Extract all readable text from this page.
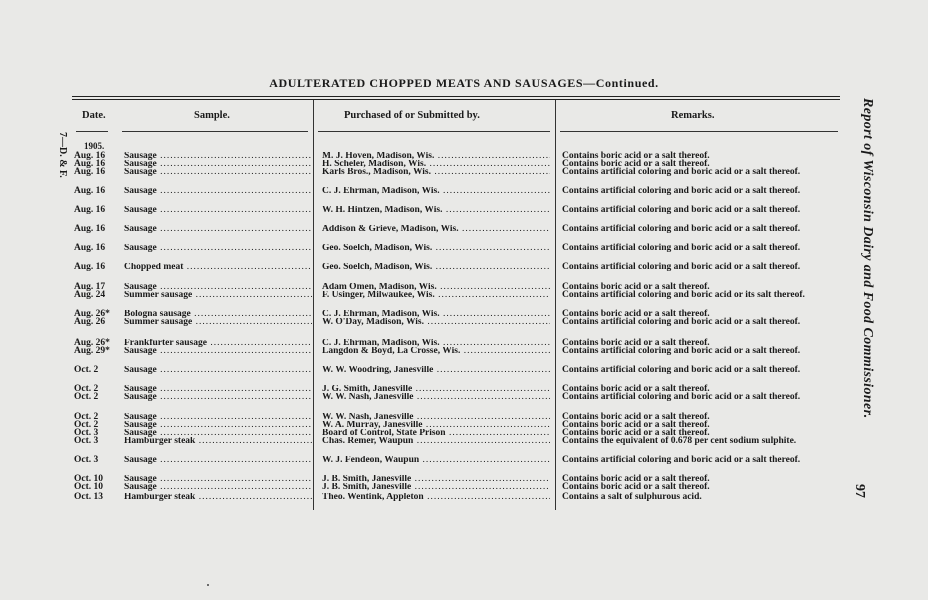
ADULTERATED CHOPPED MEATS AND SAUSAGES—Continued.
Date.	Sample.	Purchased of or Submitted by.	Remarks.
1905.
Aug. 16	Sausage .....	M. J. Hoven, Madison, Wis. .....	Contains boric acid or a salt thereof.
Aug. 16	Sausage .....	H. Scheler, Madison, Wis. .....	Contains boric acid or a salt thereof.
Aug. 16	Sausage .....	Karls Bros., Madison, Wis. .....	Contains artificial coloring and boric acid or a salt thereof.
Aug. 16	Sausage .....	C. J. Ehrman, Madison, Wis. .....	Contains artificial coloring and boric acid or a salt thereof.
Aug. 16	Sausage .....	W. H. Hintzen, Madison, Wis. .....	Contains artificial coloring and boric acid or a salt thereof.
Aug. 16	Sausage .....	Addison & Grieve, Madison, Wis. .....	Contains artificial coloring and boric acid or a salt thereof.
Aug. 16	Sausage .....	Geo. Soelch, Madison, Wis. .....	Contains artificial coloring and boric acid or a salt thereof.
Aug. 16	Chopped meat .....	Geo. Soelch, Madison, Wis. .....	Contains artificial coloring and boric acid or a salt thereof.
Aug. 17	Sausage .....	Adam Omen, Madison, Wis. .....	Contains boric acid or a salt thereof.
Aug. 24	Summer sausage .....	F. Usinger, Milwaukee, Wis. .....	Contains artificial coloring and boric acid or its salt thereof.
Aug. 26*	Bologna sausage .....	C. J. Ehrman, Madison, Wis. .....	Contains boric acid or a salt thereof.
Aug. 26	Summer sausage .....	W. O'Day, Madison, Wis. .....	Contains artificial coloring and boric acid or a salt thereof.
Aug. 26*	Frankfurter sausage .....	C. J. Ehrman, Madison, Wis. .....	Contains boric acid or a salt thereof.
Aug. 29*	Sausage .....	Langdon & Boyd, La Crosse, Wis. .....	Contains artificial coloring and boric acid or a salt thereof.
Oct. 2	Sausage .....	W. W. Woodring, Janesville .....	Contains artificial coloring and boric acid or a salt thereof.
Oct. 2	Sausage .....	J. G. Smith, Janesville .....	Contains boric acid or a salt thereof.
Oct. 2	Sausage .....	W. W. Nash, Janesville .....	Contains artificial coloring and boric acid or a salt thereof.
Oct. 2	Sausage .....	W. W. Nash, Janesville .....	Contains boric acid or a salt thereof.
Oct. 2	Sausage .....	W. A. Murray, Janesville .....	Contains boric acid or a salt thereof.
Oct. 3	Sausage .....	Board of Control, State Prison .....	Contains boric acid or a salt thereof.
Oct. 3	Hamburger steak .....	Chas. Remer, Waupun .....	Contains the equivalent of 0.678 per cent sodium sulphite.
Oct. 3	Sausage .....	W. J. Fendeon, Waupun .....	Contains artificial coloring and boric acid or a salt thereof.
Oct. 10	Sausage .....	J. B. Smith, Janesville .....	Contains boric acid or a salt thereof.
Oct. 10	Sausage .....	J. B. Smith, Janesville .....	Contains boric acid or a salt thereof.
Oct. 13	Hamburger steak .....	Theo. Wentink, Appleton .....	Contains a salt of sulphurous acid.
7—D. & F.	Report of Wisconsin Dairy and Food Commissioner.
97
